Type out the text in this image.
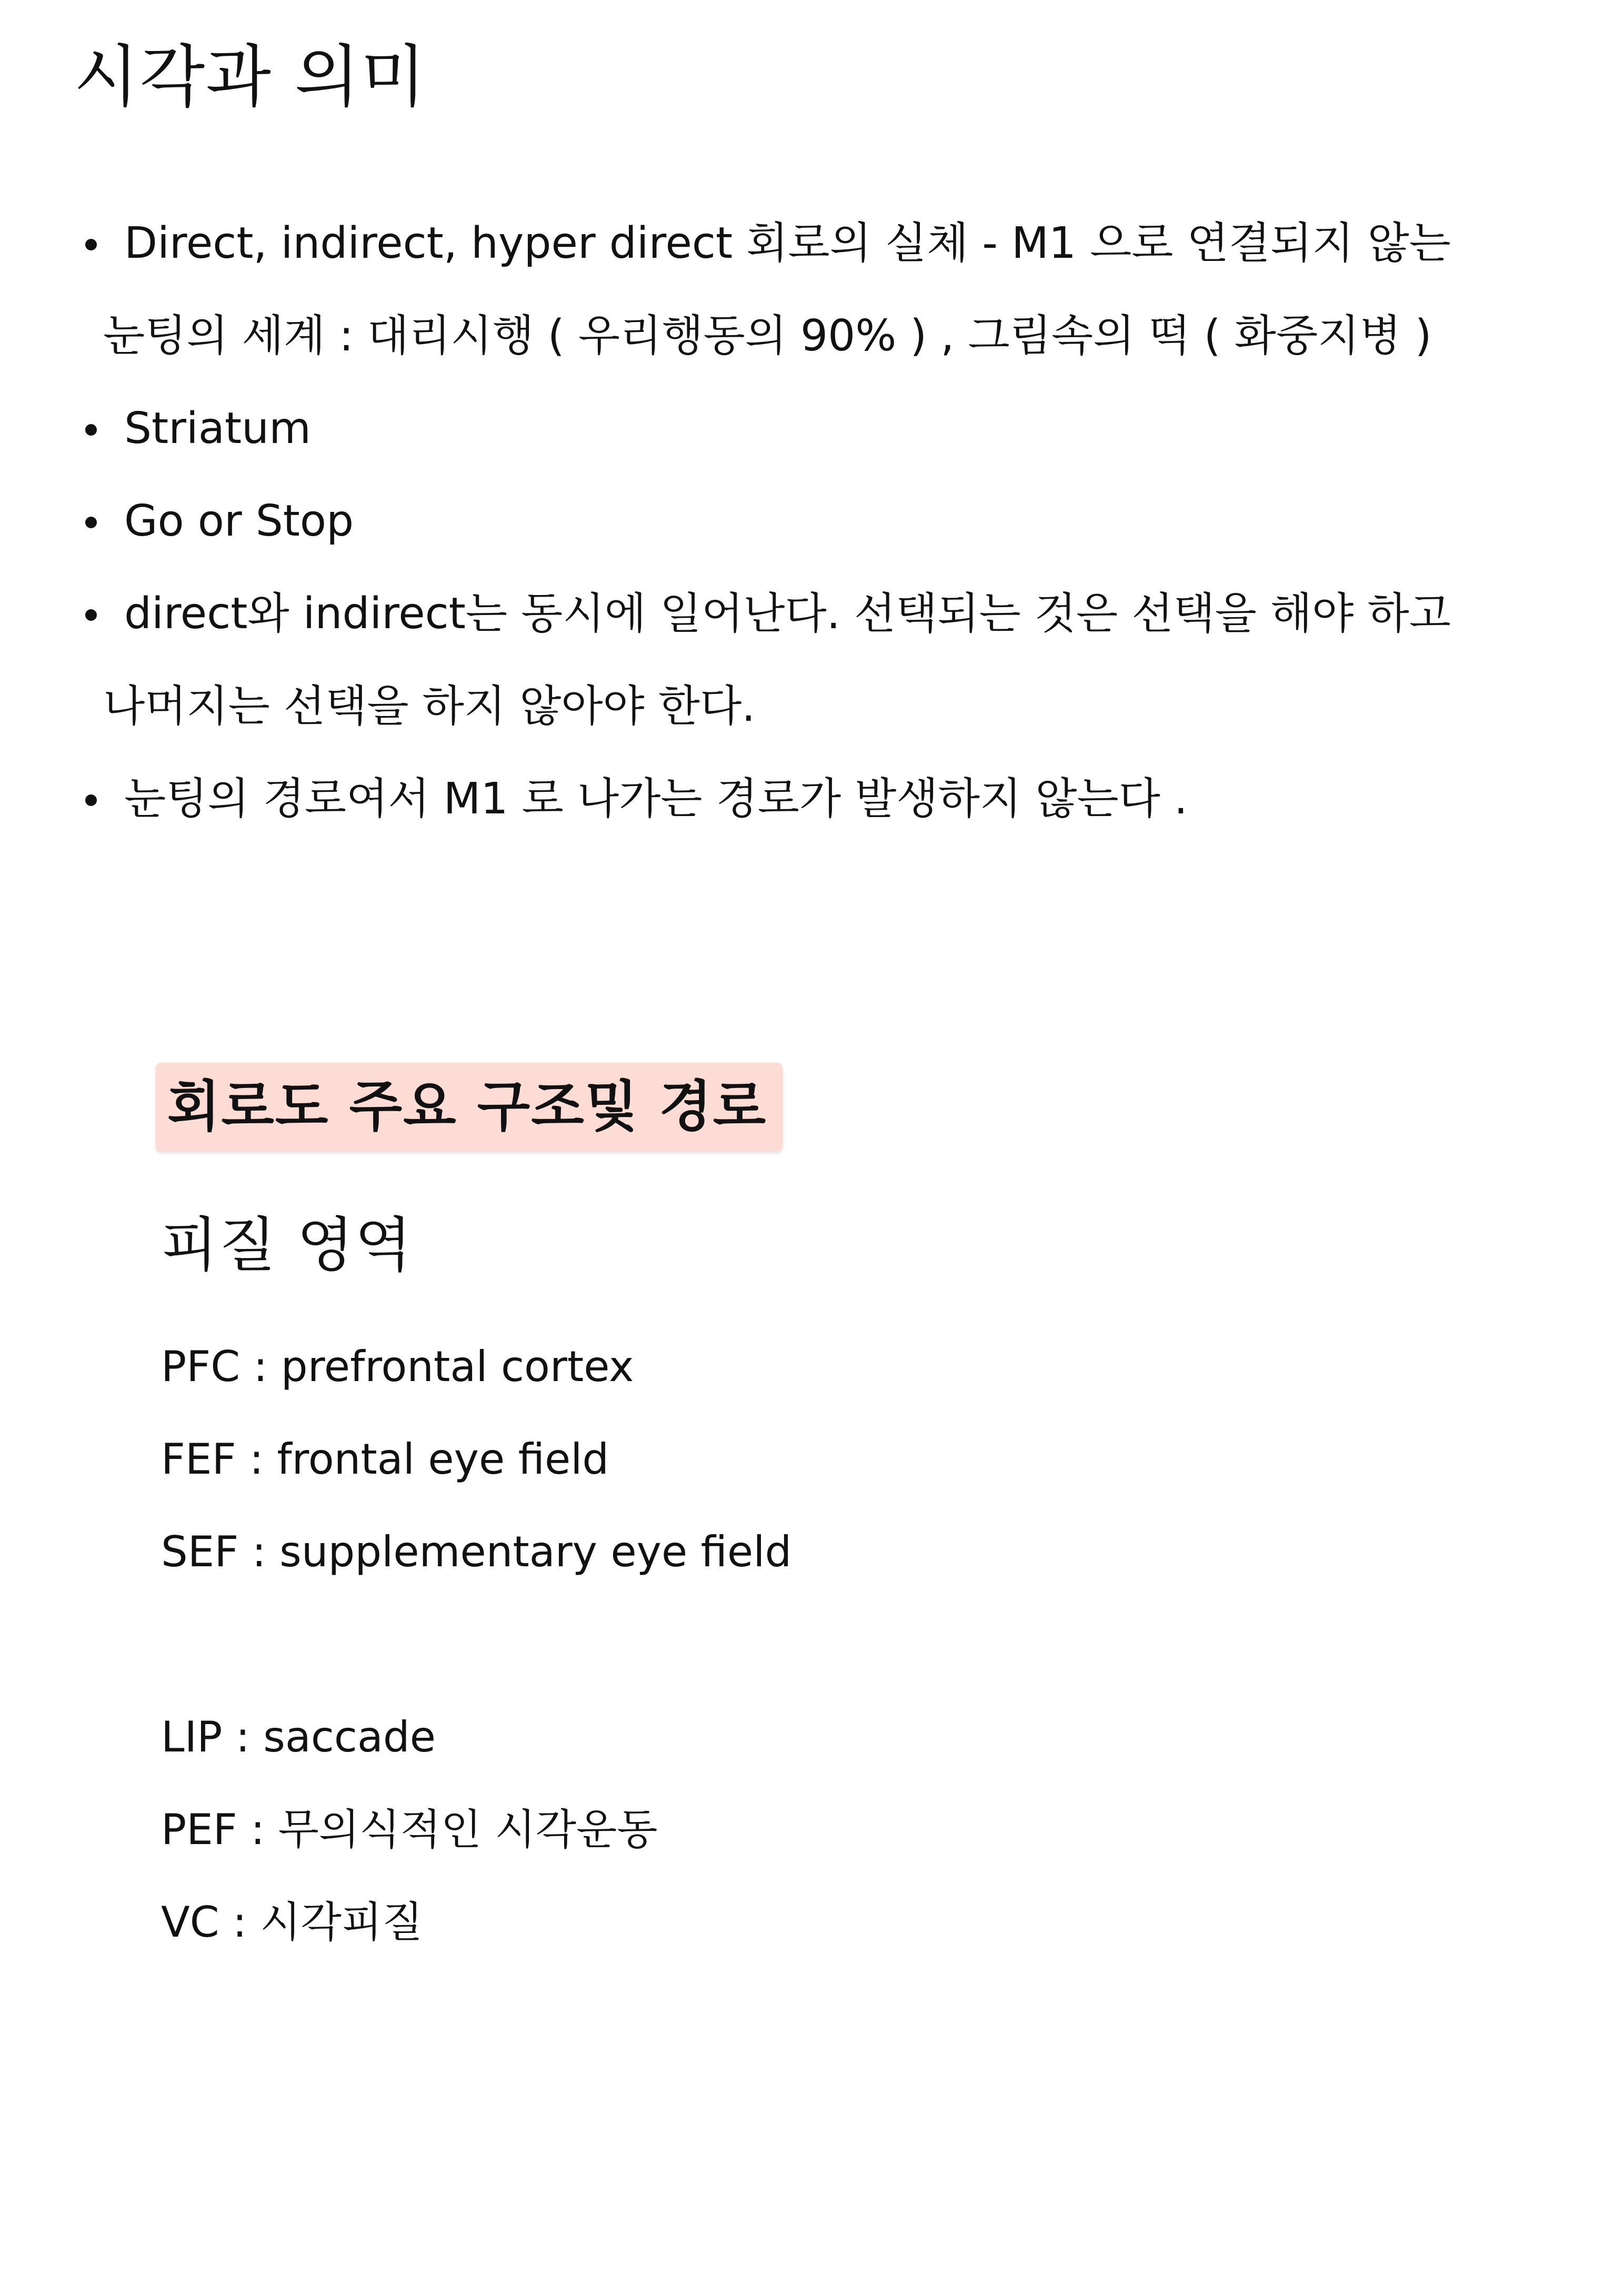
시각과 의미
Direct, indirect, hyper direct 회로의 실체 - M1 으로 연결되지 않는
눈팅의 세계 : 대리시행 ( 우리행동의 90% ) , 그림속의 떡 ( 화중지병 )
Striatum
Go or Stop
direct와 indirect는 동시에 일어난다. 선택되는 것은 선택을 해야 하고
나머지는 선택을 하지 않아야 한다.
눈팅의 경로여서 M1 로 나가는 경로가 발생하지 않는다 .
회로도 주요 구조및 경로
피질 영역
PFC : prefrontal cortex
FEF : frontal eye field
SEF : supplementary eye field
LIP : saccade
PEF : 무의식적인 시각운동
VC : 시각피질
